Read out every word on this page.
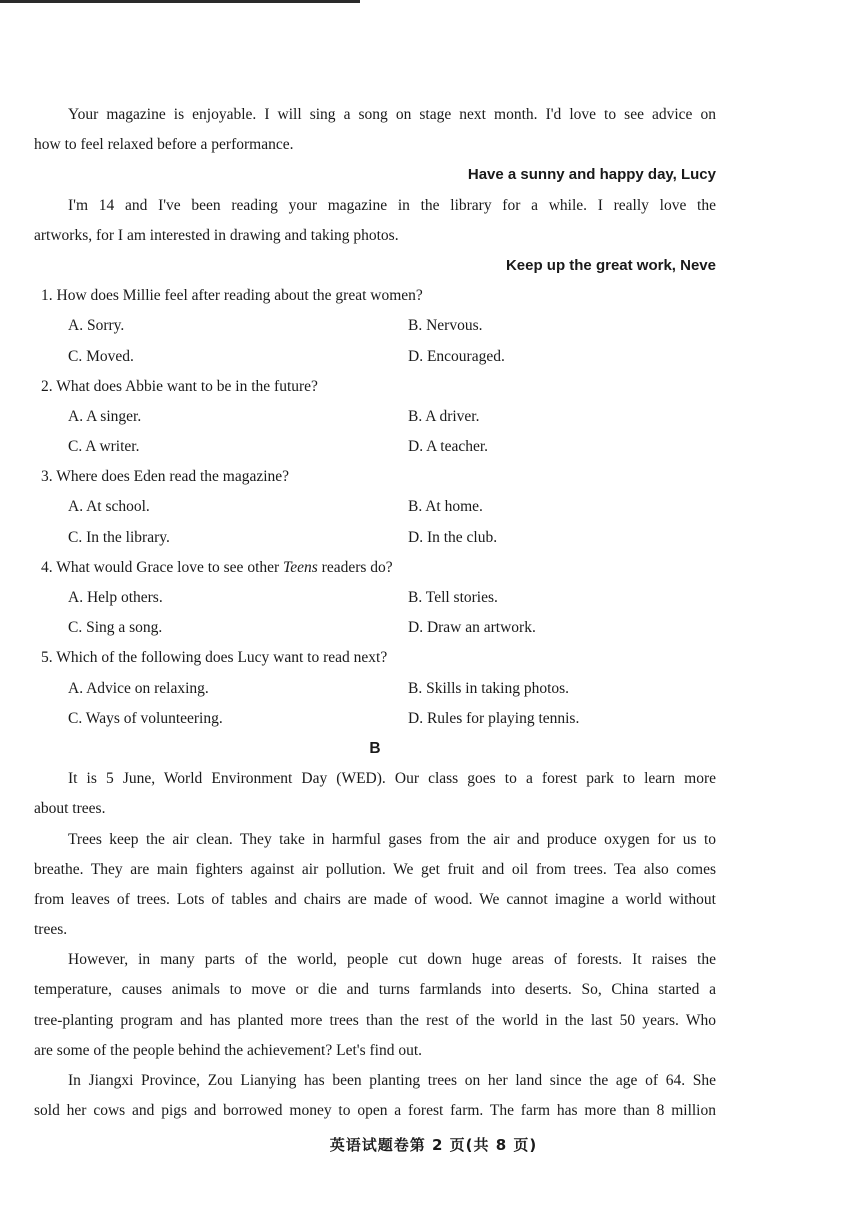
Your magazine is enjoyable. I will sing a song on stage next month. I'd love to see advice on
how to feel relaxed before a performance.
Have a sunny and happy day, Lucy
I'm 14 and I've been reading your magazine in the library for a while. I really love the
artworks, for I am interested in drawing and taking photos.
Keep up the great work, Neve
1. How does Millie feel after reading about the great women?
A. Sorry.	B. Nervous.
C. Moved.	D. Encouraged.
2. What does Abbie want to be in the future?
A. A singer.	B. A driver.
C. A writer.	D. A teacher.
3. Where does Eden read the magazine?
A. At school.	B. At home.
C. In the library.	D. In the club.
4. What would Grace love to see other Teens readers do?
A. Help others.	B. Tell stories.
C. Sing a song.	D. Draw an artwork.
5. Which of the following does Lucy want to read next?
A. Advice on relaxing.	B. Skills in taking photos.
C. Ways of volunteering.	D. Rules for playing tennis.
B
It is 5 June, World Environment Day (WED). Our class goes to a forest park to learn more
about trees.
Trees keep the air clean. They take in harmful gases from the air and produce oxygen for us to
breathe. They are main fighters against air pollution. We get fruit and oil from trees. Tea also comes
from leaves of trees. Lots of tables and chairs are made of wood. We cannot imagine a world without
trees.
However, in many parts of the world, people cut down huge areas of forests. It raises the
temperature, causes animals to move or die and turns farmlands into deserts. So, China started a
tree-planting program and has planted more trees than the rest of the world in the last 50 years. Who
are some of the people behind the achievement? Let's find out.
In Jiangxi Province, Zou Lianying has been planting trees on her land since the age of 64. She
sold her cows and pigs and borrowed money to open a forest farm. The farm has more than 8 million
英语试题卷第 2 页(共 8 页)
